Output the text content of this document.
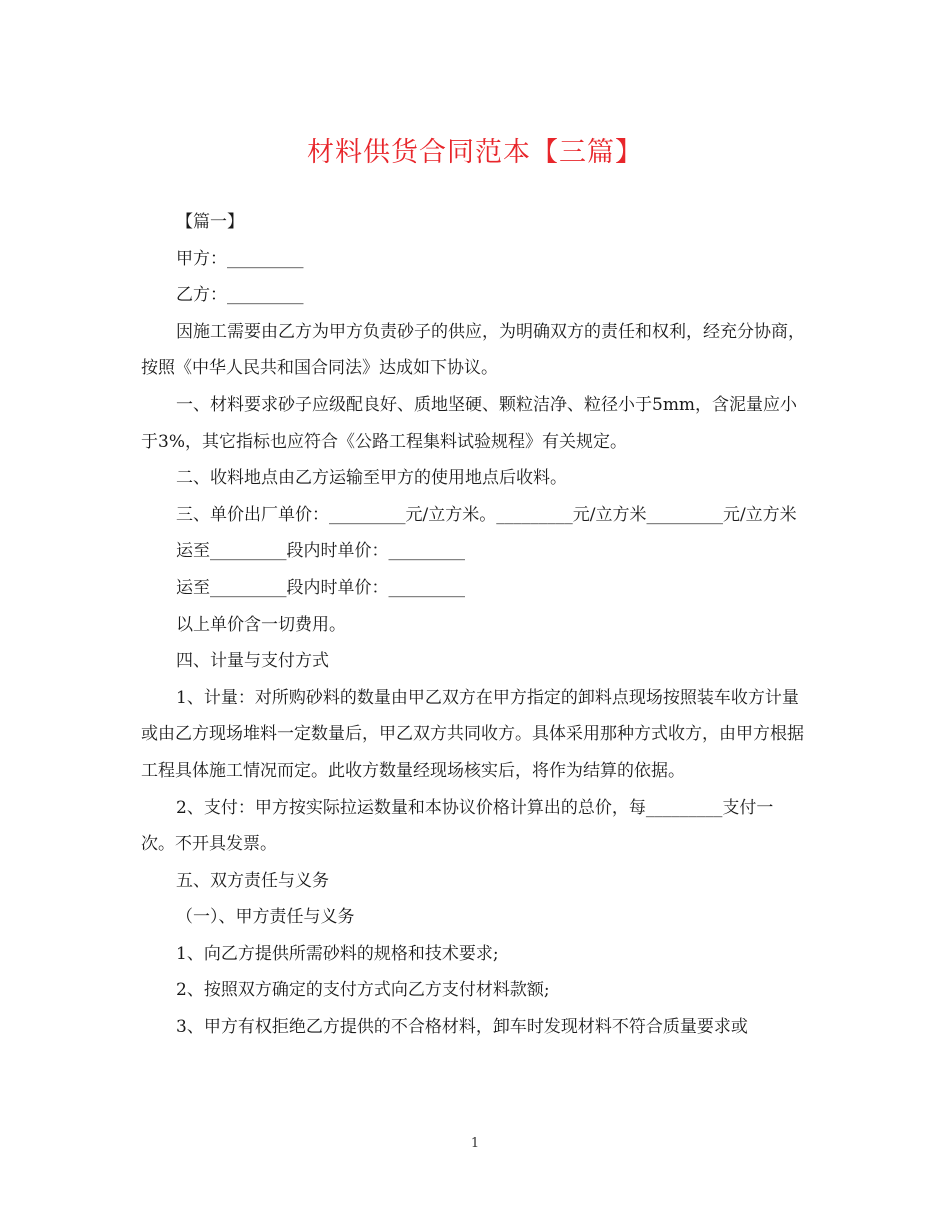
材料供货合同范本【三篇】

【篇一】

甲方：_________

乙方：_________

因施工需要由乙方为甲方负责砂子的供应，为明确双方的责任和权利，经充分协商，按照《中华人民共和国合同法》达成如下协议。

一、材料要求砂子应级配良好、质地坚硬、颗粒洁净、粒径小于5mm，含泥量应小于3%，其它指标也应符合《公路工程集料试验规程》有关规定。

二、收料地点由乙方运输至甲方的使用地点后收料。

三、单价出厂单价：_________元/立方米。_________元/立方米_________元/立方米

运至_________段内时单价：_________

运至_________段内时单价：_________

以上单价含一切费用。

四、计量与支付方式

1、计量：对所购砂料的数量由甲乙双方在甲方指定的卸料点现场按照装车收方计量或由乙方现场堆料一定数量后，甲乙双方共同收方。具体采用那种方式收方，由甲方根据工程具体施工情况而定。此收方数量经现场核实后，将作为结算的依据。

2、支付：甲方按实际拉运数量和本协议价格计算出的总价，每_________支付一次。不开具发票。

五、双方责任与义务

（一）、甲方责任与义务

1、向乙方提供所需砂料的规格和技术要求;

2、按照双方确定的支付方式向乙方支付材料款额;

3、甲方有权拒绝乙方提供的不合格材料，卸车时发现材料不符合质量要求或

1
